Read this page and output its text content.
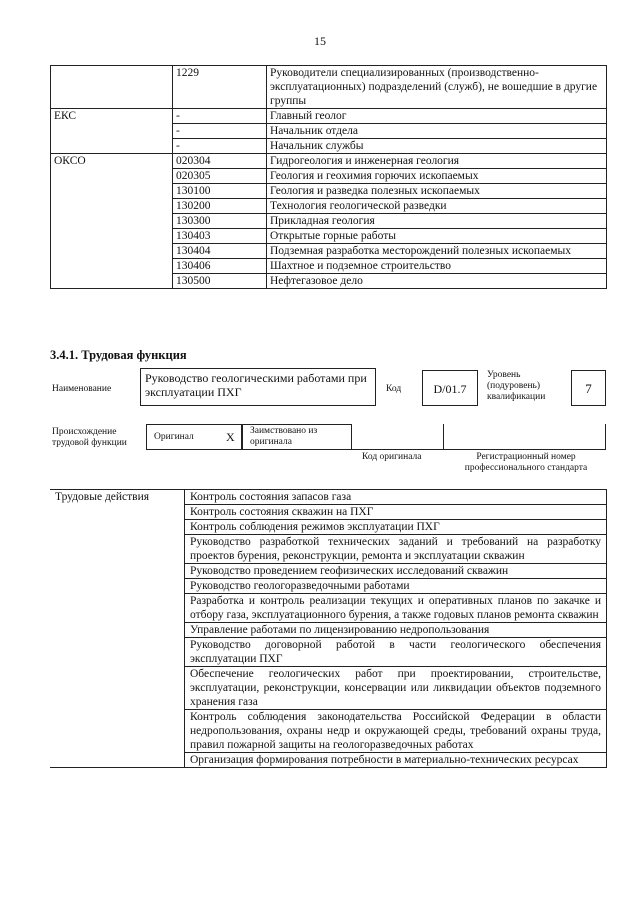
15
	1229	Руководители специализированных (производственно-эксплуатационных) подразделений (служб), не вошедшие в другие группы
ЕКС	-	Главный геолог
	-	Начальник отдела
	-	Начальник службы
ОКСО	020304	Гидрогеология и инженерная геология
	020305	Геология и геохимия горючих ископаемых
	130100	Геология и разведка полезных ископаемых
	130200	Технология геологической разведки
	130300	Прикладная геология
	130403	Открытые горные работы
	130404	Подземная разработка месторождений полезных ископаемых
	130406	Шахтное и подземное строительство
	130500	Нефтегазовое дело
3.4.1. Трудовая функция
Наименование
Руководство геологическими работами при эксплуатации ПХГ	Код	D/01.7
Уровень (подуровень) квалификации
7
Происхождение трудовой функции
Оригинал	X Заимствовано из оригинала
Код оригинала	Регистрационный номер профессионального стандарта
Трудовые действия	Контроль состояния запасов газа
Контроль состояния скважин на ПХГ
Контроль соблюдения режимов эксплуатации ПХГ
Руководство разработкой технических заданий и требований на разработку проектов бурения, реконструкции, ремонта и эксплуатации скважин
Руководство проведением геофизических исследований скважин
Руководство геологоразведочными работами
Разработка и контроль реализации текущих и оперативных планов по закачке и отбору газа, эксплуатационного бурения, а также годовых планов ремонта скважин
Управление работами по лицензированию недропользования
Руководство договорной работой в части геологического обеспечения эксплуатации ПХГ
Обеспечение геологических работ при проектировании, строительстве, эксплуатации, реконструкции, консервации или ликвидации объектов подземного хранения газа
Контроль соблюдения законодательства Российской Федерации в области недропользования, охраны недр и окружающей среды, требований охраны труда, правил пожарной защиты на геологоразведочных работах
Организация формирования потребности в материально-технических ресурсах
